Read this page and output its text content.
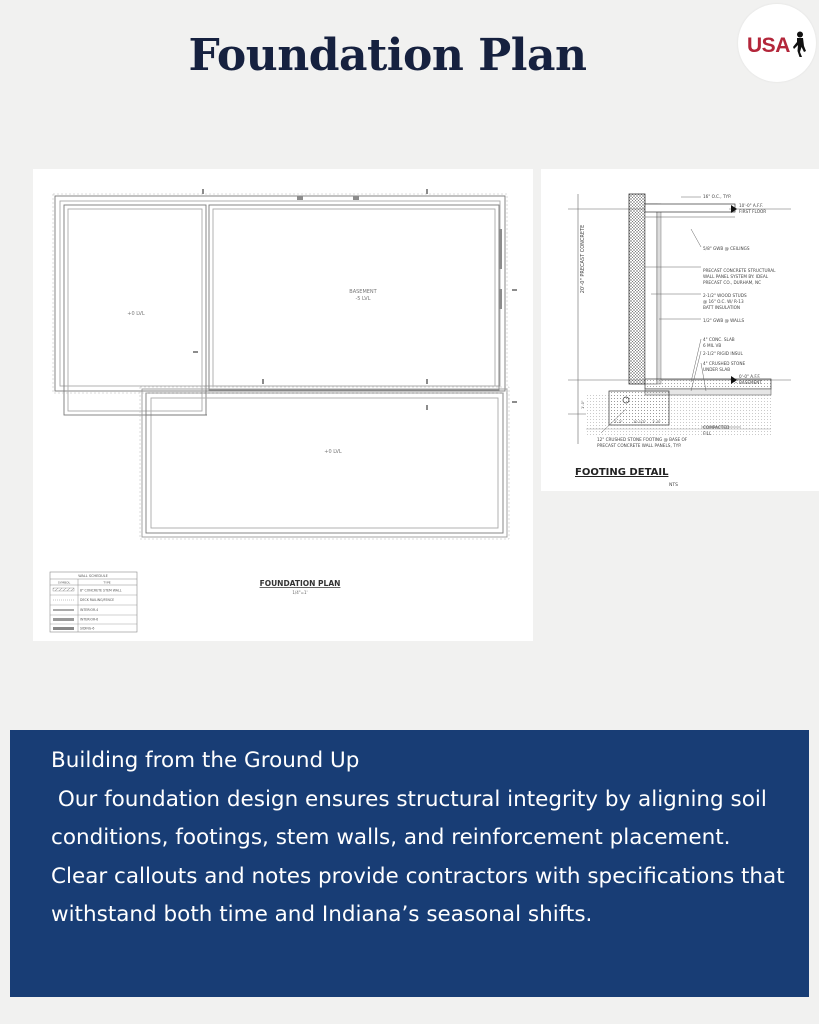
Foundation Plan	USA
+0 LVL
BASEMENT
-5 LVL
+0 LVL
FOUNDATION PLAN
1/4"=1'
WALL SCHEDULE
SYMBOL	TYPE
8" CONCRETE STEM WALL
DECK RAILING/FENCE
INTERIOR-4
INTERIOR-6
SIDING-6
20'-0" PRECAST CONCRETE
10'-0" A.F.F.
FIRST FLOOR
0'-0" A.F.F.
BASEMENT
16" O.C., TYP.
5/8" GWB @ CEILINGS
PRECAST CONCRETE STRUCTURAL
WALL PANEL SYSTEM BY: IDEAL
PRECAST CO., DURHAM, NC
2-1/2" WOOD STUDS
@ 16" O.C. W/ R-13
BATT INSULATION
1/2" GWB @ WALLS
4" CONC. SLAB
6 MIL VB
2-1/2" RIGID INSUL
4" CRUSHED STONE
UNDER SLAB
COMPACTED
FILL
12" CRUSHED STONE FOOTING @ BASE OF
PRECAST CONCRETE WALL PANELS, TYP.
1'-2"	10 1/2" 1'-0"
1'-0"
FOOTING DETAIL
NTS
Building from the Ground Up
Our foundation design ensures structural integrity by aligning soil conditions, footings, stem walls, and reinforcement placement. Clear callouts and notes provide contractors with specifications that withstand both time and Indiana’s seasonal shifts.
